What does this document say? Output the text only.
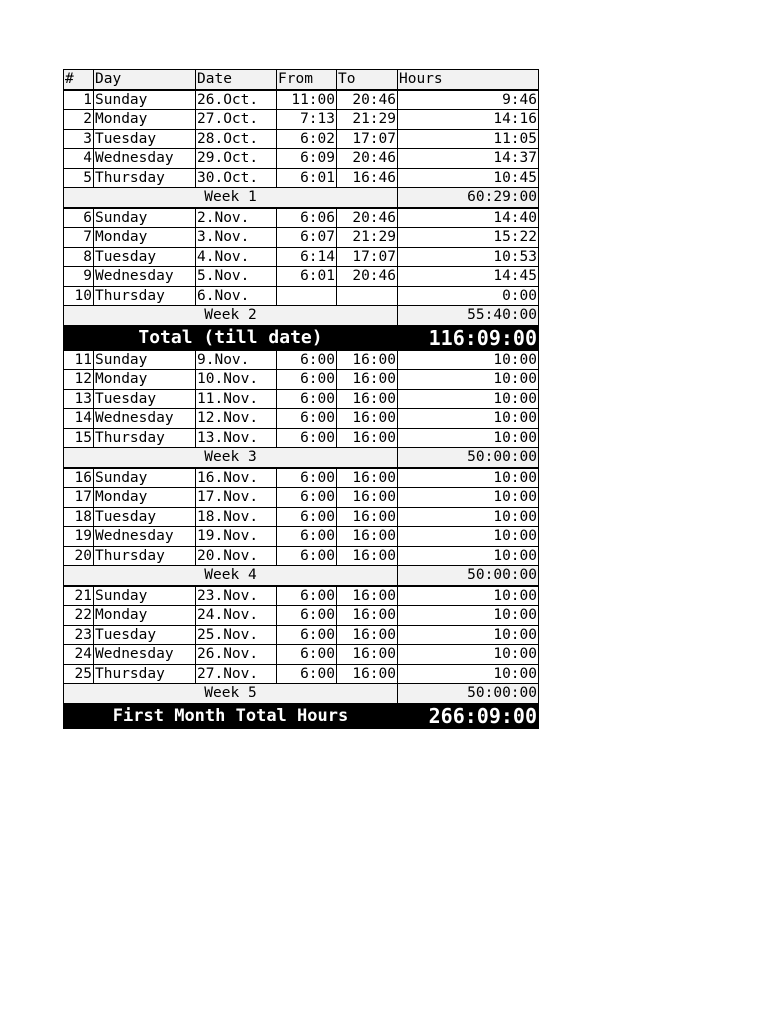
#	Day	Date	From	To	Hours
1	Sunday	26.Oct.	11:00	20:46	9:46
2	Monday	27.Oct.	7:13	21:29	14:16
3	Tuesday	28.Oct.	6:02	17:07	11:05
4	Wednesday	29.Oct.	6:09	20:46	14:37
5	Thursday	30.Oct.	6:01	16:46	10:45
Week 1					60:29:00
6	Sunday	2.Nov.	6:06	20:46	14:40
7	Monday	3.Nov.	6:07	21:29	15:22
8	Tuesday	4.Nov.	6:14	17:07	10:53
9	Wednesday	5.Nov.	6:01	20:46	14:45
10	Thursday	6.Nov.			0:00
Week 2					55:40:00
Total (till date)					116:09:00
11	Sunday	9.Nov.	6:00	16:00	10:00
12	Monday	10.Nov.	6:00	16:00	10:00
13	Tuesday	11.Nov.	6:00	16:00	10:00
14	Wednesday	12.Nov.	6:00	16:00	10:00
15	Thursday	13.Nov.	6:00	16:00	10:00
Week 3					50:00:00
16	Sunday	16.Nov.	6:00	16:00	10:00
17	Monday	17.Nov.	6:00	16:00	10:00
18	Tuesday	18.Nov.	6:00	16:00	10:00
19	Wednesday	19.Nov.	6:00	16:00	10:00
20	Thursday	20.Nov.	6:00	16:00	10:00
Week 4					50:00:00
21	Sunday	23.Nov.	6:00	16:00	10:00
22	Monday	24.Nov.	6:00	16:00	10:00
23	Tuesday	25.Nov.	6:00	16:00	10:00
24	Wednesday	26.Nov.	6:00	16:00	10:00
25	Thursday	27.Nov.	6:00	16:00	10:00
Week 5					50:00:00
First Month Total Hours					266:09:00
